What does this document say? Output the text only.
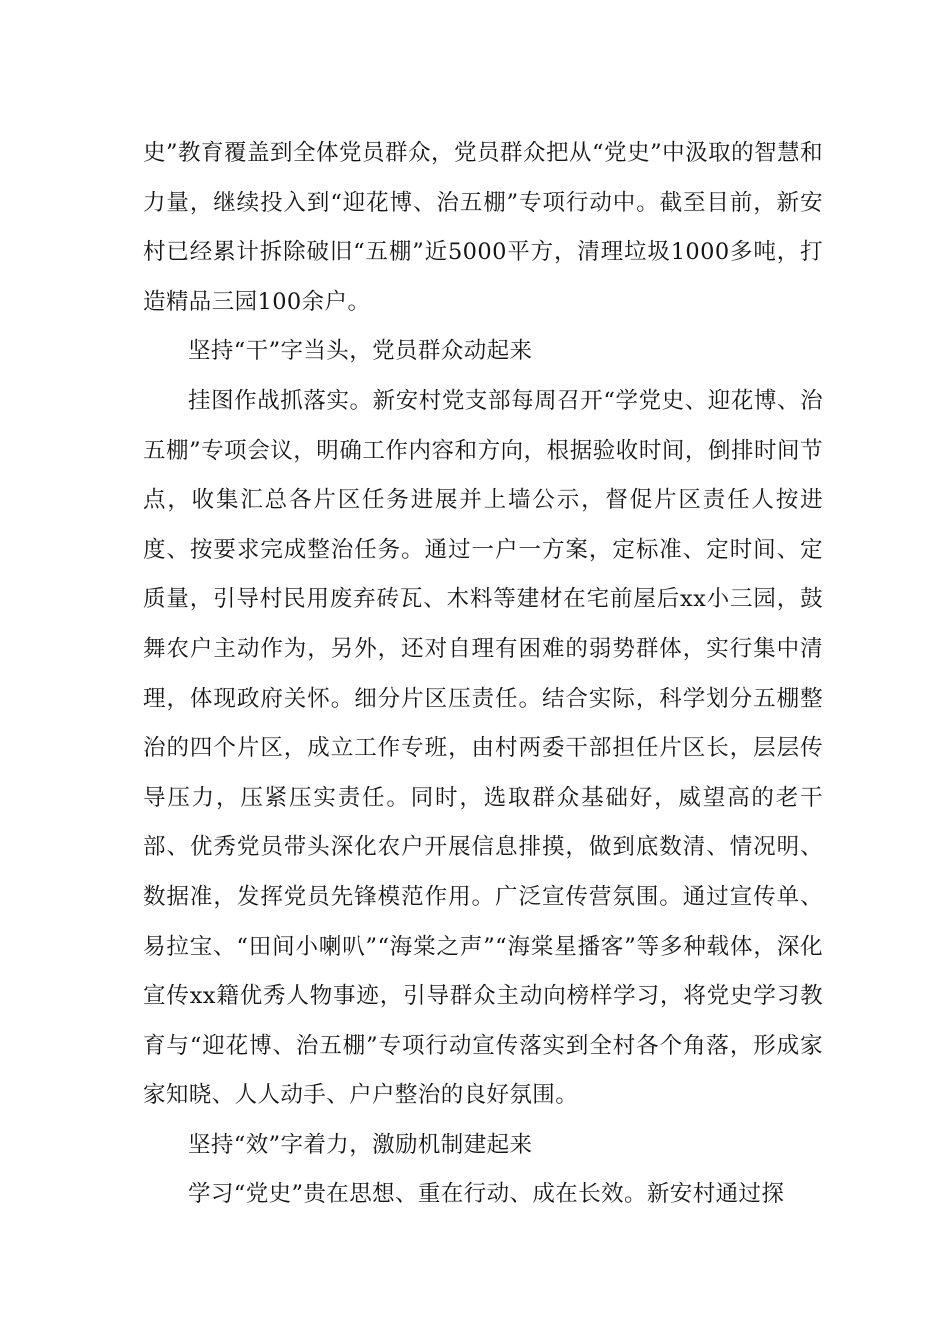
史”教育覆盖到全体党员群众，党员群众把从“党史”中汲取的智慧和力量，继续投入到“迎花博、治五棚”专项行动中。截至目前，新安村已经累计拆除破旧“五棚”近5000平方，清理垃圾1000多吨，打造精品三园100余户。

坚持“干”字当头，党员群众动起来

挂图作战抓落实。新安村党支部每周召开“学党史、迎花博、治五棚”专项会议，明确工作内容和方向，根据验收时间，倒排时间节点，收集汇总各片区任务进展并上墙公示，督促片区责任人按进度、按要求完成整治任务。通过一户一方案，定标准、定时间、定质量，引导村民用废弃砖瓦、木料等建材在宅前屋后xx小三园，鼓舞农户主动作为，另外，还对自理有困难的弱势群体，实行集中清理，体现政府关怀。细分片区压责任。结合实际，科学划分五棚整治的四个片区，成立工作专班，由村两委干部担任片区长，层层传导压力，压紧压实责任。同时，选取群众基础好，威望高的老干部、优秀党员带头深化农户开展信息排摸，做到底数清、情况明、数据准，发挥党员先锋模范作用。广泛宣传营氛围。通过宣传单、易拉宝、“田间小喇叭”“海棠之声”“海棠星播客”等多种载体，深化宣传xx籍优秀人物事迹，引导群众主动向榜样学习，将党史学习教育与“迎花博、治五棚”专项行动宣传落实到全村各个角落，形成家家知晓、人人动手、户户整治的良好氛围。

坚持“效”字着力，激励机制建起来

学习“党史”贵在思想、重在行动、成在长效。新安村通过探
